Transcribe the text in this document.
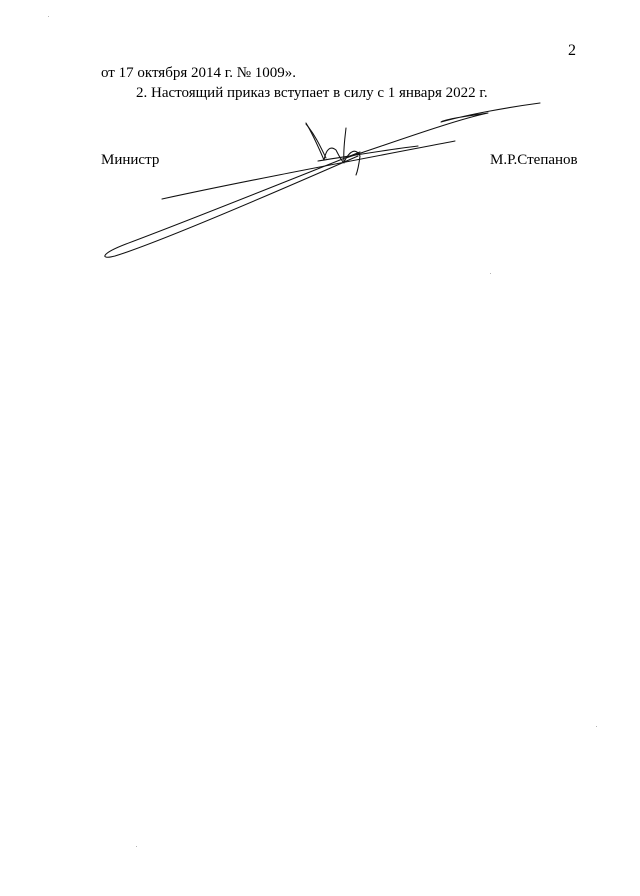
2
от 17 октября 2014 г. № 1009».
2. Настоящий приказ вступает в силу с 1 января 2022 г.
Министр	М.Р.Степанов
